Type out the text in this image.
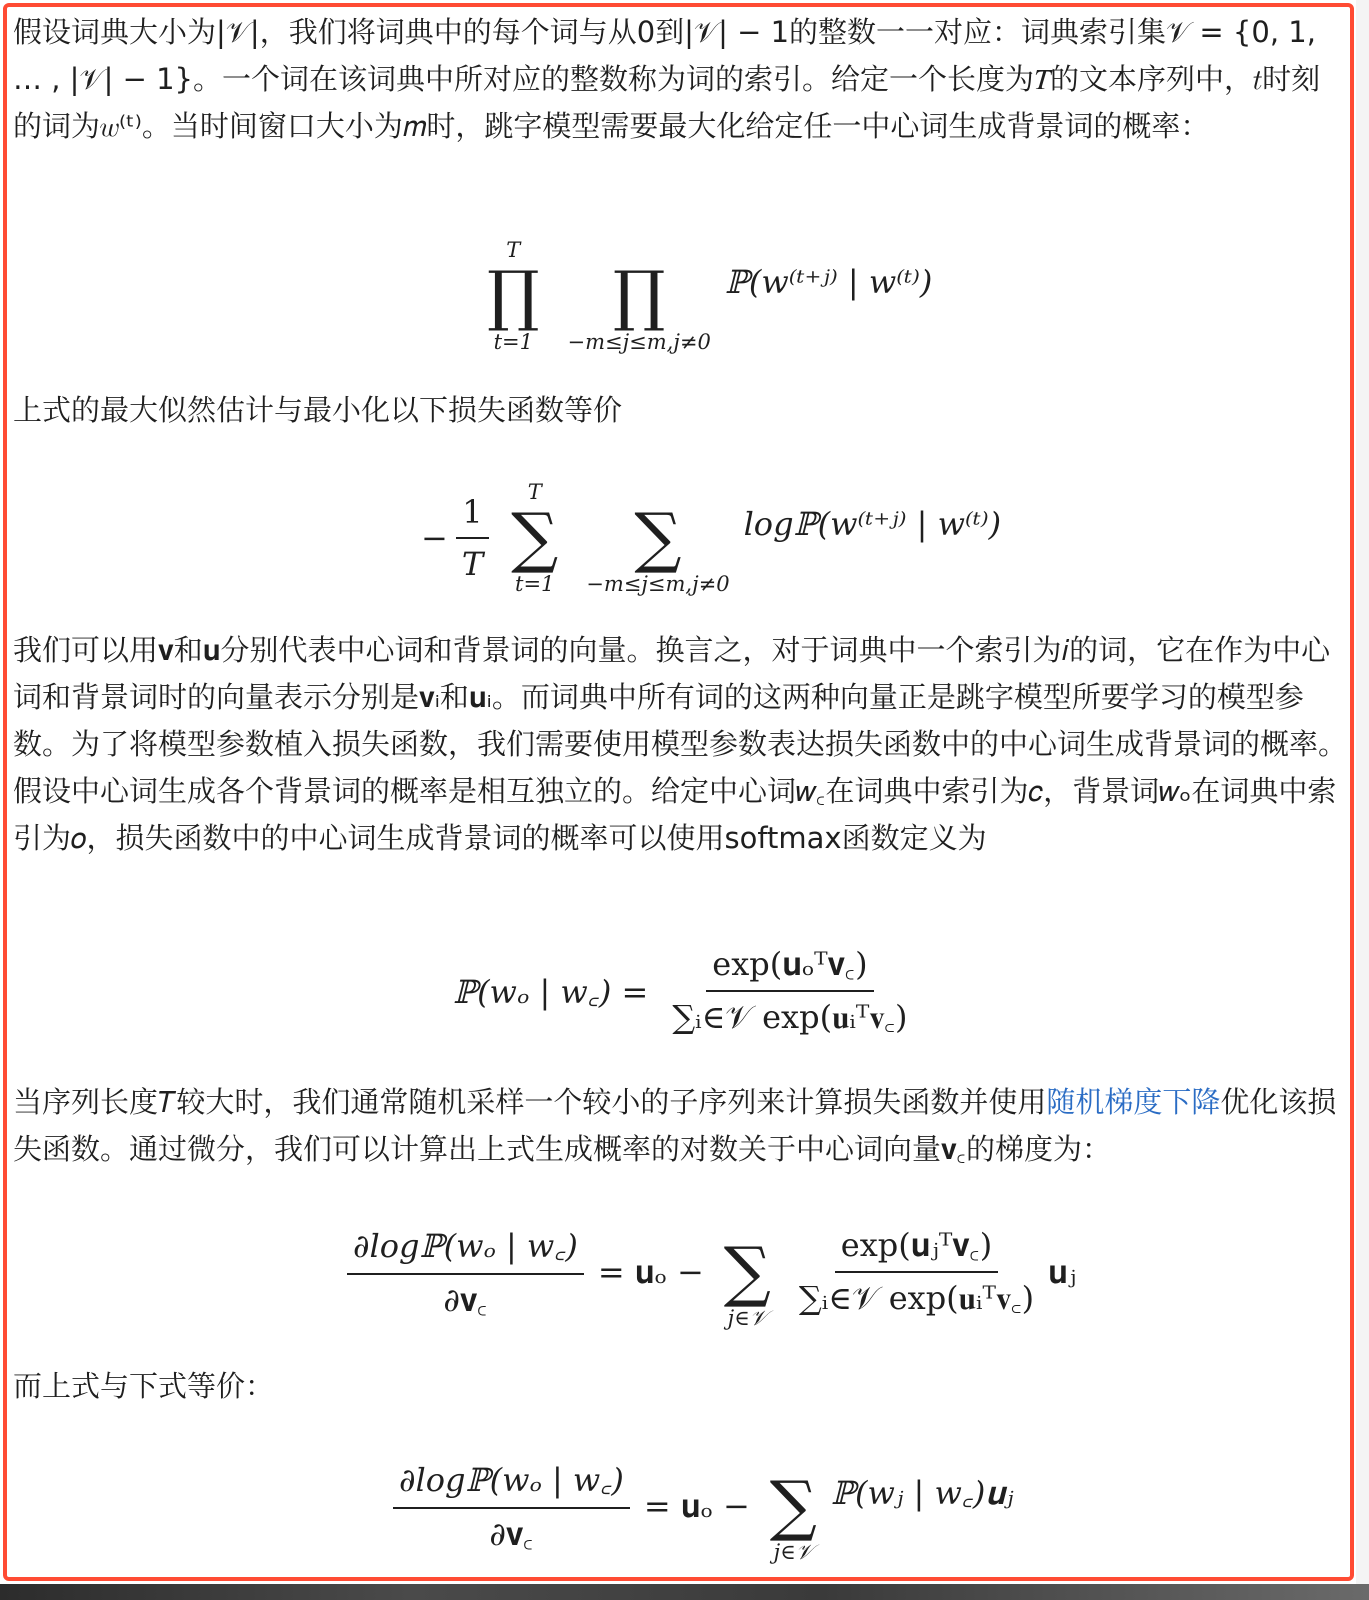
假设词典大小为|𝒱|，我们将词典中的每个词与从0到|𝒱| − 1的整数一一对应：词典索引集𝒱 = {0, 1, … , |𝒱| − 1}。一个词在该词典中所对应的整数称为词的索引。给定一个长度为𝑇的文本序列中，𝑡时刻的词为𝑤⁽ᵗ⁾。当时间窗口大小为𝑚时，跳字模型需要最大化给定任一中心词生成背景词的概率：

T
∏
t=1

∏
−m≤j≤m,j≠0
ℙ(w⁽ᵗ⁺ʲ⁾ | w⁽ᵗ⁾)

上式的最大似然估计与最小化以下损失函数等价

− $\frac{1}{T}$
T
∑
t=1

∑
−m≤j≤m,j≠0
logℙ(w⁽ᵗ⁺ʲ⁾ | w⁽ᵗ⁾)

我们可以用𝐯和𝐮分别代表中心词和背景词的向量。换言之，对于词典中一个索引为𝑖的词，它在作为中心词和背景词时的向量表示分别是𝐯ᵢ和𝐮ᵢ。而词典中所有词的这两种向量正是跳字模型所要学习的模型参数。为了将模型参数植入损失函数，我们需要使用模型参数表达损失函数中的中心词生成背景词的概率。假设中心词生成各个背景词的概率是相互独立的。给定中心词𝑤꜀在词典中索引为𝑐，背景词𝑤ₒ在词典中索引为𝑜，损失函数中的中心词生成背景词的概率可以使用softmax函数定义为

ℙ(wₒ | w꜀) = $\frac{\text{exp(𝐮ₒᵀ𝐯꜀)}}{\text{∑ᵢ∈𝒱 exp(𝐮ᵢᵀ𝐯꜀)}}$

当序列长度𝑇较大时，我们通常随机采样一个较小的子序列来计算损失函数并使用随机梯度下降优化该损失函数。通过微分，我们可以计算出上式生成概率的对数关于中心词向量𝐯꜀的梯度为：

$\frac{\text{∂logℙ(wₒ | w꜀)}}{\text{∂𝐯꜀}}$ = 𝐮ₒ −
∑
j∈𝒱 $\frac{\text{exp(𝐮ⱼᵀ𝐯꜀)}}{\text{∑ᵢ∈𝒱 exp(𝐮ᵢᵀ𝐯꜀)}}$ 𝐮ⱼ

而上式与下式等价：

$\frac{\text{∂logℙ(wₒ | w꜀)}}{\text{∂𝐯꜀}}$ = 𝐮ₒ −
∑
j∈𝒱
ℙ(wⱼ | w꜀)𝐮ⱼ
